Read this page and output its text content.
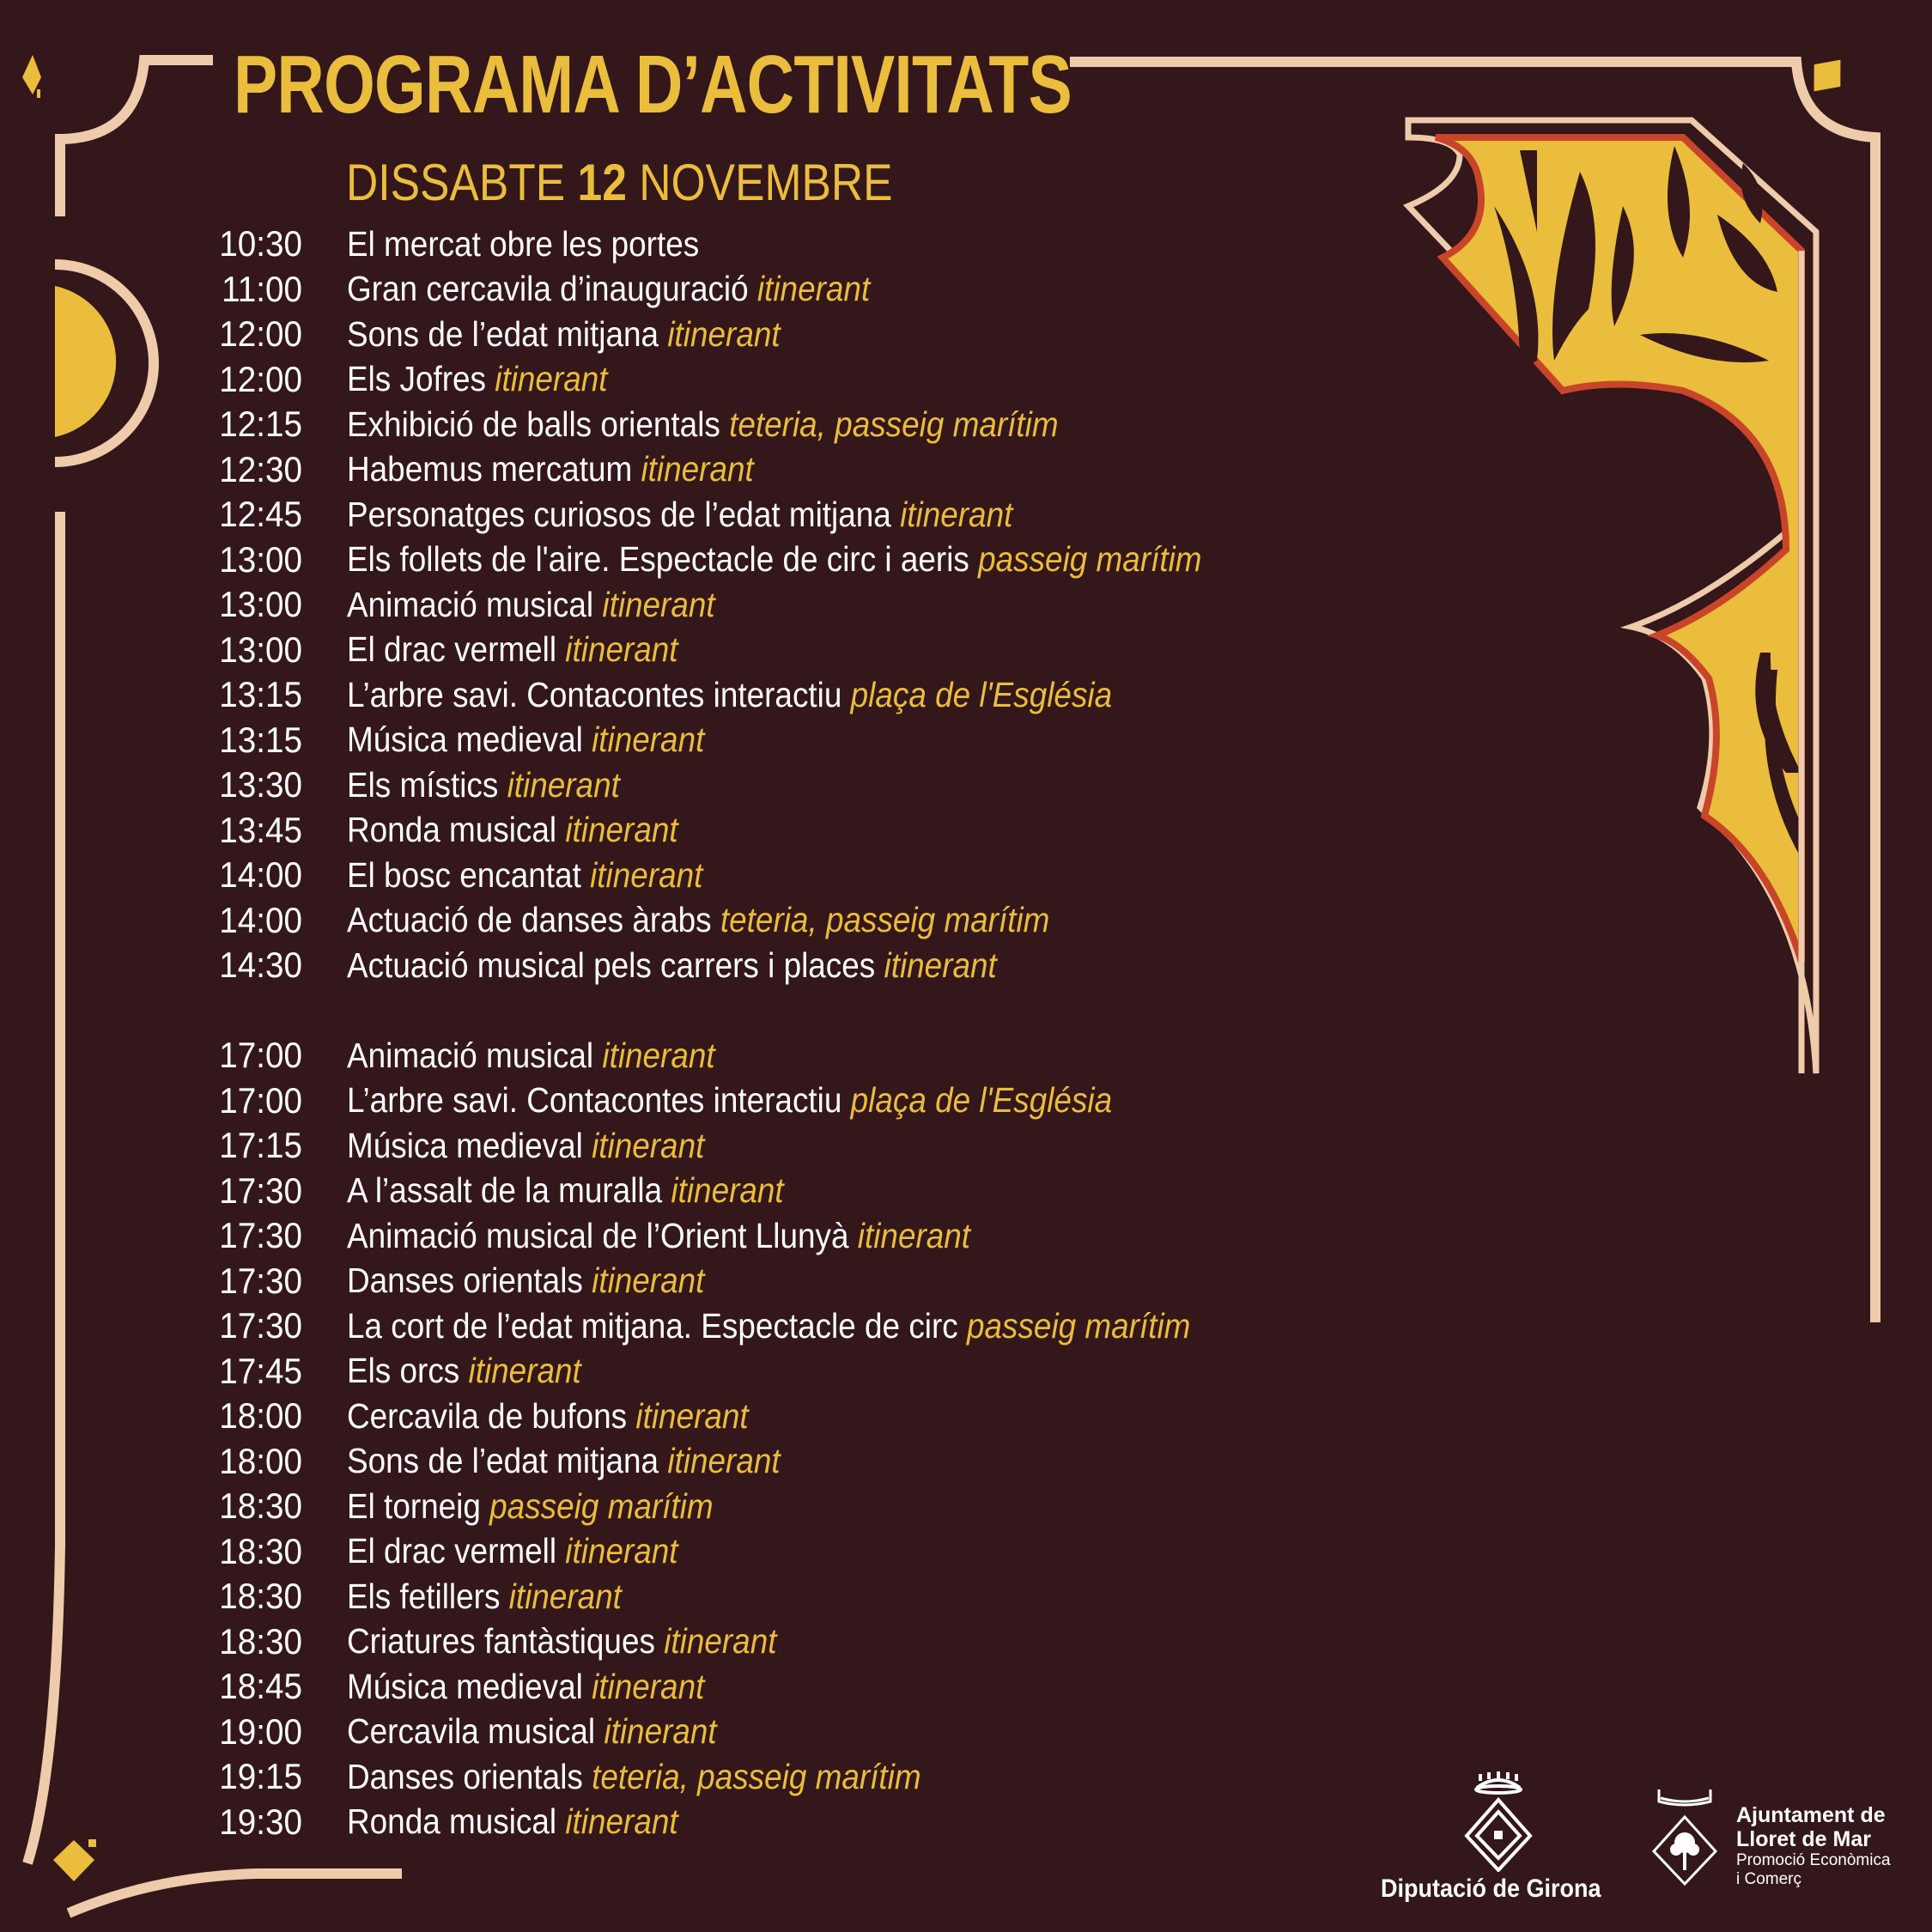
PROGRAMA D’ACTIVITATS
DISSABTE 12 NOVEMBRE
10:30 El mercat obre les portes
11:00 Gran cercavila d’inauguració itinerant
12:00 Sons de l’edat mitjana itinerant
12:00 Els Jofres itinerant
12:15 Exhibició de balls orientals teteria, passeig marítim
12:30 Habemus mercatum itinerant
12:45 Personatges curiosos de l’edat mitjana itinerant
13:00 Els follets de l'aire. Espectacle de circ i aeris passeig marítim
13:00 Animació musical itinerant
13:00 El drac vermell itinerant
13:15 L’arbre savi. Contacontes interactiu plaça de l'Església
13:15 Música medieval itinerant
13:30 Els místics itinerant
13:45 Ronda musical itinerant
14:00 El bosc encantat itinerant
14:00 Actuació de danses àrabs teteria, passeig marítim
14:30 Actuació musical pels carrers i places itinerant
17:00 Animació musical itinerant
17:00 L’arbre savi. Contacontes interactiu plaça de l'Església
17:15 Música medieval itinerant
17:30 A l’assalt de la muralla itinerant
17:30 Animació musical de l’Orient Llunyà itinerant
17:30 Danses orientals itinerant
17:30 La cort de l’edat mitjana. Espectacle de circ passeig marítim
17:45 Els orcs itinerant
18:00 Cercavila de bufons itinerant
18:00 Sons de l’edat mitjana itinerant
18:30 El torneig passeig marítim
18:30 El drac vermell itinerant
18:30 Els fetillers itinerant
18:30 Criatures fantàstiques itinerant
18:45 Música medieval itinerant
19:00 Cercavila musical itinerant
19:15 Danses orientals teteria, passeig marítim
19:30 Ronda musical itinerant
Diputació de Girona
Ajuntament de
Lloret de Mar
Promoció Econòmica
i Comerç
